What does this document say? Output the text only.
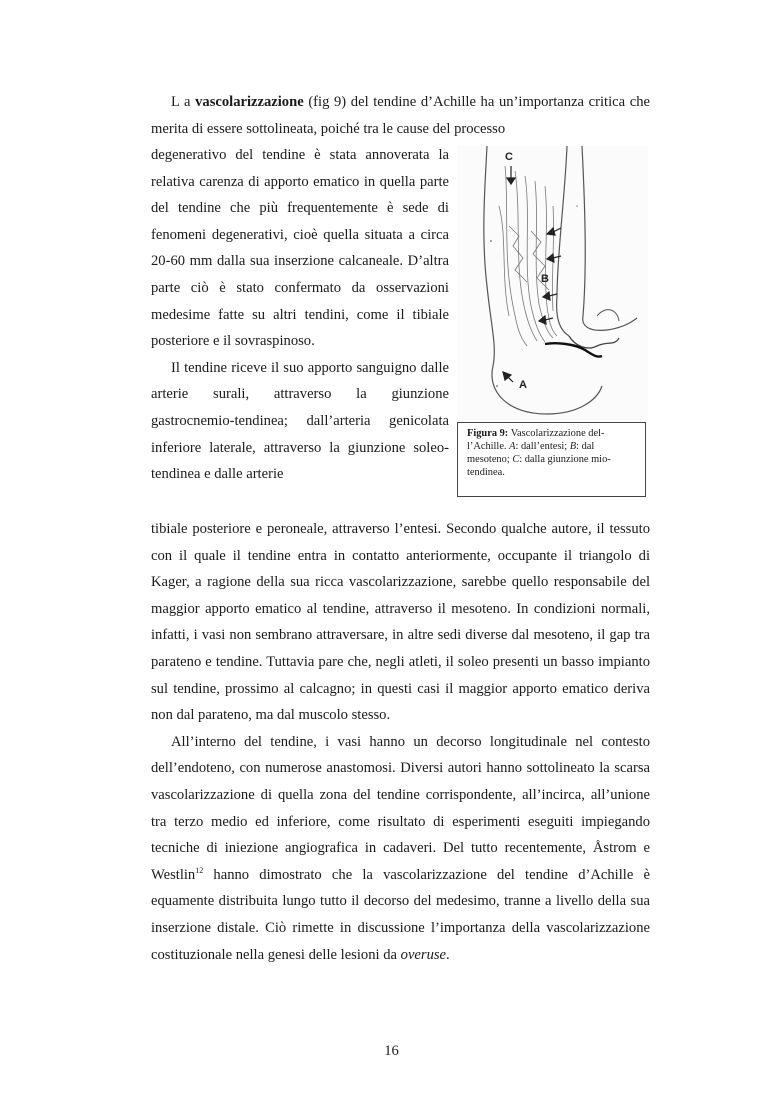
L a vascolarizzazione (fig 9) del tendine d’Achille ha un’importanza critica che merita di essere sottolineata, poiché tra le cause del processo

degenerativo del tendine è stata annoverata la relativa carenza di apporto ematico in quella parte del tendine che più frequentemente è sede di fenomeni degenerativi, cioè quella situata a circa 20-60 mm dalla sua inserzione calcaneale. D’altra parte ciò è stato confermato da osservazioni medesime fatte su altri tendini, come il tibiale posteriore e il sovraspinoso.

Il tendine riceve il suo apporto sanguigno dalle arterie surali, attraverso la giunzione gastrocnemio-tendinea; dall’arteria genicolata inferiore laterale, attraverso la giunzione soleo-tendinea e dalle arterie

C
B
A
Figura 9: Vascolarizzazione del-l’Achille. A: dall’entesi; B: dal mesoteno; C: dalla giunzione mio-tendinea.

tibiale posteriore e peroneale, attraverso l’entesi. Secondo qualche autore, il tessuto con il quale il tendine entra in contatto anteriormente, occupante il triangolo di Kager, a ragione della sua ricca vascolarizzazione, sarebbe quello responsabile del maggior apporto ematico al tendine, attraverso il mesoteno. In condizioni normali, infatti, i vasi non sembrano attraversare, in altre sedi diverse dal mesoteno, il gap tra parateno e tendine. Tuttavia pare che, negli atleti, il soleo presenti un basso impianto sul tendine, prossimo al calcagno; in questi casi il maggior apporto ematico deriva non dal parateno, ma dal muscolo stesso.

All’interno del tendine, i vasi hanno un decorso longitudinale nel contesto dell’endoteno, con numerose anastomosi. Diversi autori hanno sottolineato la scarsa vascolarizzazione di quella zona del tendine corrispondente, all’incirca, all’unione tra terzo medio ed inferiore, come risultato di esperimenti eseguiti impiegando tecniche di iniezione angiografica in cadaveri. Del tutto recentemente, Åstrom e Westlin$^{12}$ hanno dimostrato che la vascolarizzazione del tendine d’Achille è equamente distribuita lungo tutto il decorso del medesimo, tranne a livello della sua inserzione distale. Ciò rimette in discussione l’importanza della vascolarizzazione costituzionale nella genesi delle lesioni da overuse.

16
